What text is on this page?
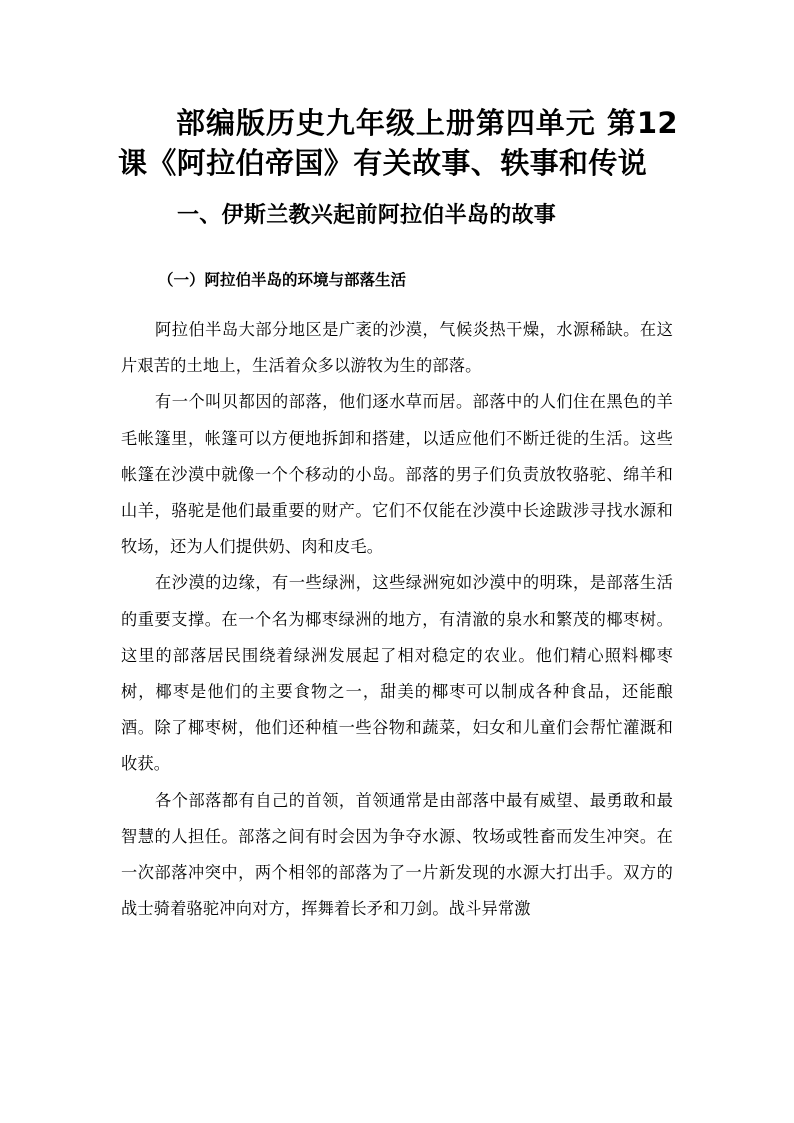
部编版历史九年级上册第四单元 第12课《阿拉伯帝国》有关故事、轶事和传说
一、伊斯兰教兴起前阿拉伯半岛的故事
（一）阿拉伯半岛的环境与部落生活

阿拉伯半岛大部分地区是广袤的沙漠，气候炎热干燥，水源稀缺。在这片艰苦的土地上，生活着众多以游牧为生的部落。

有一个叫贝都因的部落，他们逐水草而居。部落中的人们住在黑色的羊毛帐篷里，帐篷可以方便地拆卸和搭建，以适应他们不断迁徙的生活。这些帐篷在沙漠中就像一个个移动的小岛。部落的男子们负责放牧骆驼、绵羊和山羊，骆驼是他们最重要的财产。它们不仅能在沙漠中长途跋涉寻找水源和牧场，还为人们提供奶、肉和皮毛。

在沙漠的边缘，有一些绿洲，这些绿洲宛如沙漠中的明珠，是部落生活的重要支撑。在一个名为椰枣绿洲的地方，有清澈的泉水和繁茂的椰枣树。这里的部落居民围绕着绿洲发展起了相对稳定的农业。他们精心照料椰枣树，椰枣是他们的主要食物之一，甜美的椰枣可以制成各种食品，还能酿酒。除了椰枣树，他们还种植一些谷物和蔬菜，妇女和儿童们会帮忙灌溉和收获。

各个部落都有自己的首领，首领通常是由部落中最有威望、最勇敢和最智慧的人担任。部落之间有时会因为争夺水源、牧场或牲畜而发生冲突。在一次部落冲突中，两个相邻的部落为了一片新发现的水源大打出手。双方的战士骑着骆驼冲向对方，挥舞着长矛和刀剑。战斗异常激
